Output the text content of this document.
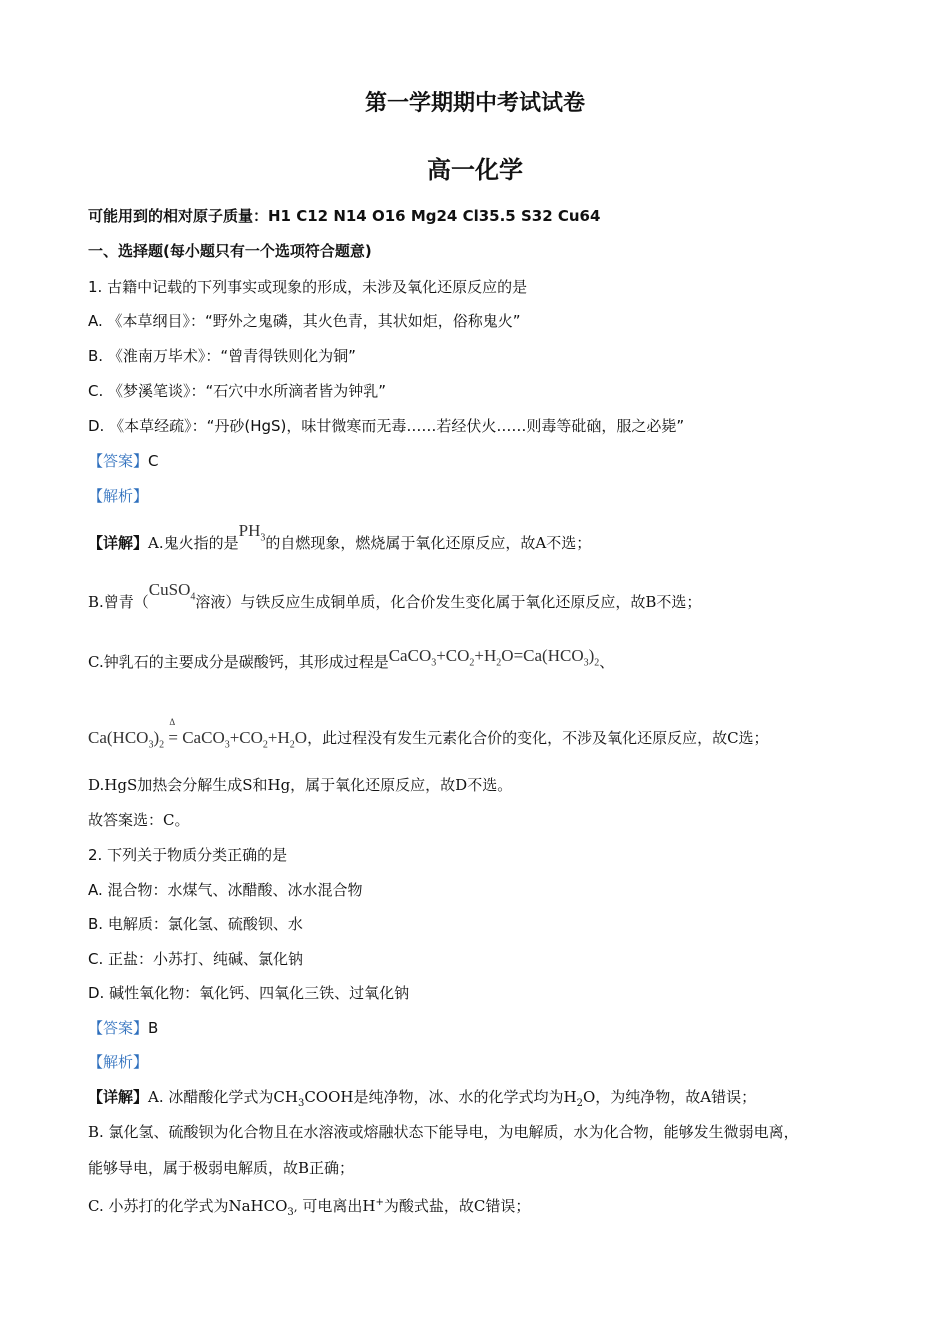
第一学期期中考试试卷
高一化学
可能用到的相对原子质量：H1 C12 N14 O16 Mg24 Cl35.5 S32 Cu64
一、选择题(每小题只有一个选项符合题意)
1. 古籍中记载的下列事实或现象的形成，未涉及氧化还原反应的是
A. 《本草纲目》：“野外之鬼磷，其火色青，其状如炬，俗称鬼火”
B. 《淮南万毕术》：“曾青得铁则化为铜”
C. 《梦溪笔谈》：“石穴中水所滴者皆为钟乳”
D. 《本草经疏》：“丹砂(HgS)，味甘微寒而无毒……若经伏火……则毒等砒硇，服之必毙”
【答案】C
【解析】
【详解】A.鬼火指的是$PH_3$的自燃现象，燃烧属于氧化还原反应，故A不选；
B.曾青（CuSO$_4$溶液）与铁反应生成铜单质，化合价发生变化属于氧化还原反应，故B不选；
C.钟乳石的主要成分是碳酸钙，其形成过程是$CaCO_3+CO_2+H_2O=Ca(HCO_3)_2$、
$Ca(HCO_3)_2$
Δ
= $CaCO_3+CO_2+H_2O$，此过程没有发生元素化合价的变化，不涉及氧化还原反应，故C选；
D.HgS加热会分解生成S和Hg，属于氧化还原反应，故D不选。
故答案选：C。
2. 下列关于物质分类正确的是
A. 混合物：水煤气、冰醋酸、冰水混合物
B. 电解质：氯化氢、硫酸钡、水
C. 正盐：小苏打、纯碱、氯化钠
D. 碱性氧化物：氧化钙、四氧化三铁、过氧化钠
【答案】B
【解析】
【详解】A. 冰醋酸化学式为$CH_3COOH$是纯净物，冰、水的化学式均为$H_2O$，为纯净物，故A错误；
B. 氯化氢、硫酸钡为化合物且在水溶液或熔融状态下能导电，为电解质，水为化合物，能够发生微弱电离，
能够导电，属于极弱电解质，故B正确；
C. 小苏打的化学式为NaHCO$_3$, 可电离出H+为酸式盐，故C错误；
